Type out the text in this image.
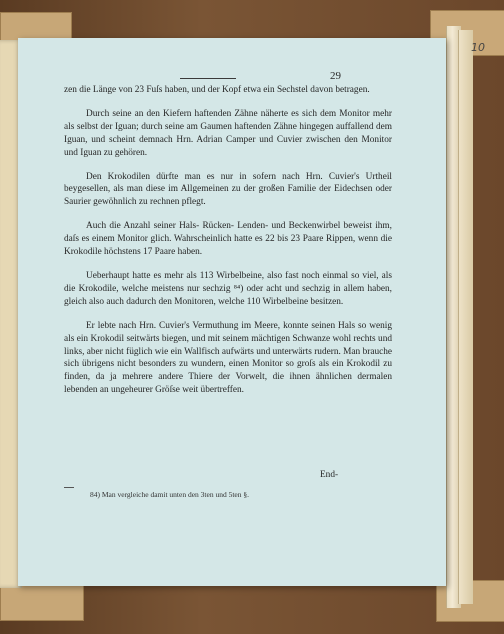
10
29

zen die Länge von 23 Fuſs haben, und der Kopf etwa ein Sechstel davon betragen.

Durch seine an den Kiefern haftenden Zähne näherte es sich dem Monitor mehr als selbst der Iguan; durch seine am Gaumen haftenden Zähne hingegen auffallend dem Iguan, und scheint demnach Hrn. Adrian Camper und Cuvier zwischen den Monitor und Iguan zu gehören.

Den Krokodilen dürfte man es nur in sofern nach Hrn. Cuvier's Urtheil beygesellen, als man diese im Allgemeinen zu der großen Familie der Eidechsen oder Saurier gewöhnlich zu rechnen pflegt.

Auch die Anzahl seiner Hals- Rücken- Lenden- und Beckenwirbel beweist ihm, daſs es einem Monitor glich. Wahrscheinlich hatte es 22 bis 23 Paare Rippen, wenn die Krokodile höchstens 17 Paare haben.

Ueberhaupt hatte es mehr als 113 Wirbelbeine, also fast noch einmal so viel, als die Krokodile, welche meistens nur sechzig ⁸⁴) oder acht und sechzig in allem haben, gleich also auch dadurch den Monitoren, welche 110 Wirbelbeine besitzen.

Er lebte nach Hrn. Cuvier's Vermuthung im Meere, konnte seinen Hals so wenig als ein Krokodil seitwärts biegen, und mit seinem mächtigen Schwanze wohl rechts und links, aber nicht füglich wie ein Wallfisch aufwärts und unterwärts rudern. Man brauche sich übrigens nicht besonders zu wundern, einen Monitor so groſs als ein Krokodil zu finden, da ja mehrere andere Thiere der Vorwelt, die ihnen ähnlichen dermalen lebenden an ungeheurer Gröſse weit übertreffen.

End-
84) Man vergleiche damit unten den 3ten und 5ten §.
